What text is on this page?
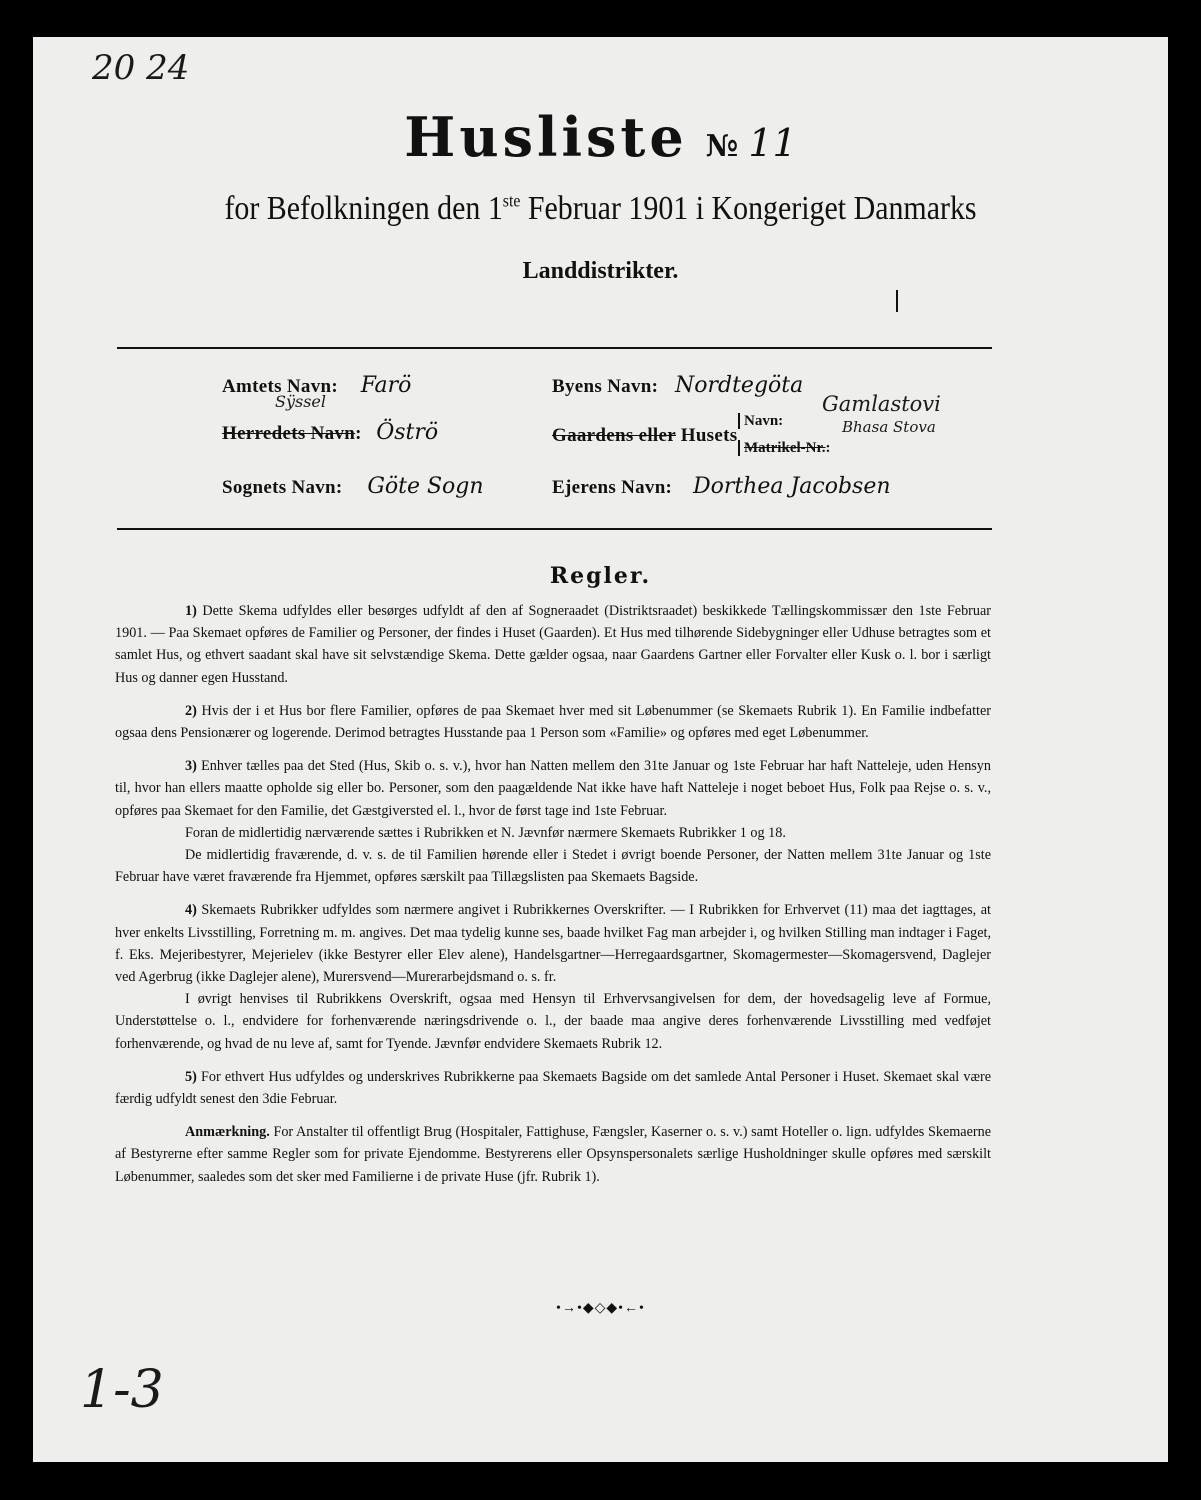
20 24
Husliste № 11
for Befolkningen den 1ste Februar 1901 i Kongeriget Danmarks
Landdistrikter.
Amtets Navn: Farö
Sÿssel
Herredets Navn: Öströ
Sognets Navn: Göte Sogn
Byens Navn: Nordtegöta
Gaardens eller Husets
Navn:
Matrikel-Nr.:
Gamlastovi
Bhasa Stova
Ejerens Navn: Dorthea Jacobsen
Regler.

1) Dette Skema udfyldes eller besørges udfyldt af den af Sogneraadet (Distriktsraadet) beskikkede Tællingskommissær den 1ste Februar 1901. — Paa Skemaet opføres de Familier og Personer, der findes i Huset (Gaarden). Et Hus med tilhørende Sidebygninger eller Udhuse betragtes som et samlet Hus, og ethvert saadant skal have sit selvstændige Skema. Dette gælder ogsaa, naar Gaardens Gartner eller Forvalter eller Kusk o. l. bor i særligt Hus og danner egen Husstand.

2) Hvis der i et Hus bor flere Familier, opføres de paa Skemaet hver med sit Løbenummer (se Skemaets Rubrik 1). En Familie indbefatter ogsaa dens Pensionærer og logerende. Derimod betragtes Husstande paa 1 Person som «Familie» og opføres med eget Løbenummer.

3) Enhver tælles paa det Sted (Hus, Skib o. s. v.), hvor han Natten mellem den 31te Januar og 1ste Februar har haft Natteleje, uden Hensyn til, hvor han ellers maatte opholde sig eller bo. Personer, som den paagældende Nat ikke have haft Natteleje i noget beboet Hus, Folk paa Rejse o. s. v., opføres paa Skemaet for den Familie, det Gæstgiversted el. l., hvor de først tage ind 1ste Februar.

Foran de midlertidig nærværende sættes i Rubrikken et N. Jævnfør nærmere Skemaets Rubrikker 1 og 18.

De midlertidig fraværende, d. v. s. de til Familien hørende eller i Stedet i øvrigt boende Personer, der Natten mellem 31te Januar og 1ste Februar have været fraværende fra Hjemmet, opføres særskilt paa Tillægslisten paa Skemaets Bagside.

4) Skemaets Rubrikker udfyldes som nærmere angivet i Rubrikkernes Overskrifter. — I Rubrikken for Erhvervet (11) maa det iagttages, at hver enkelts Livsstilling, Forretning m. m. angives. Det maa tydelig kunne ses, baade hvilket Fag man arbejder i, og hvilken Stilling man indtager i Faget, f. Eks. Mejeribestyrer, Mejerielev (ikke Bestyrer eller Elev alene), Handelsgartner—Herregaardsgartner, Skomagermester—Skomagersvend, Daglejer ved Agerbrug (ikke Daglejer alene), Murersvend—Murerarbejdsmand o. s. fr.

I øvrigt henvises til Rubrikkens Overskrift, ogsaa med Hensyn til Erhvervsangivelsen for dem, der hovedsagelig leve af Formue, Understøttelse o. l., endvidere for forhenværende næringsdrivende o. l., der baade maa angive deres forhenværende Livsstilling med vedføjet forhenværende, og hvad de nu leve af, samt for Tyende. Jævnfør endvidere Skemaets Rubrik 12.

5) For ethvert Hus udfyldes og underskrives Rubrikkerne paa Skemaets Bagside om det samlede Antal Personer i Huset. Skemaet skal være færdig udfyldt senest den 3die Februar.

Anmærkning. For Anstalter til offentligt Brug (Hospitaler, Fattighuse, Fængsler, Kaserner o. s. v.) samt Hoteller o. lign. udfyldes Skemaerne af Bestyrerne efter samme Regler som for private Ejendomme. Bestyrerens eller Opsynspersonalets særlige Husholdninger skulle opføres med særskilt Løbenummer, saaledes som det sker med Familierne i de private Huse (jfr. Rubrik 1).

•→•◆◇◆•←•
1-3
